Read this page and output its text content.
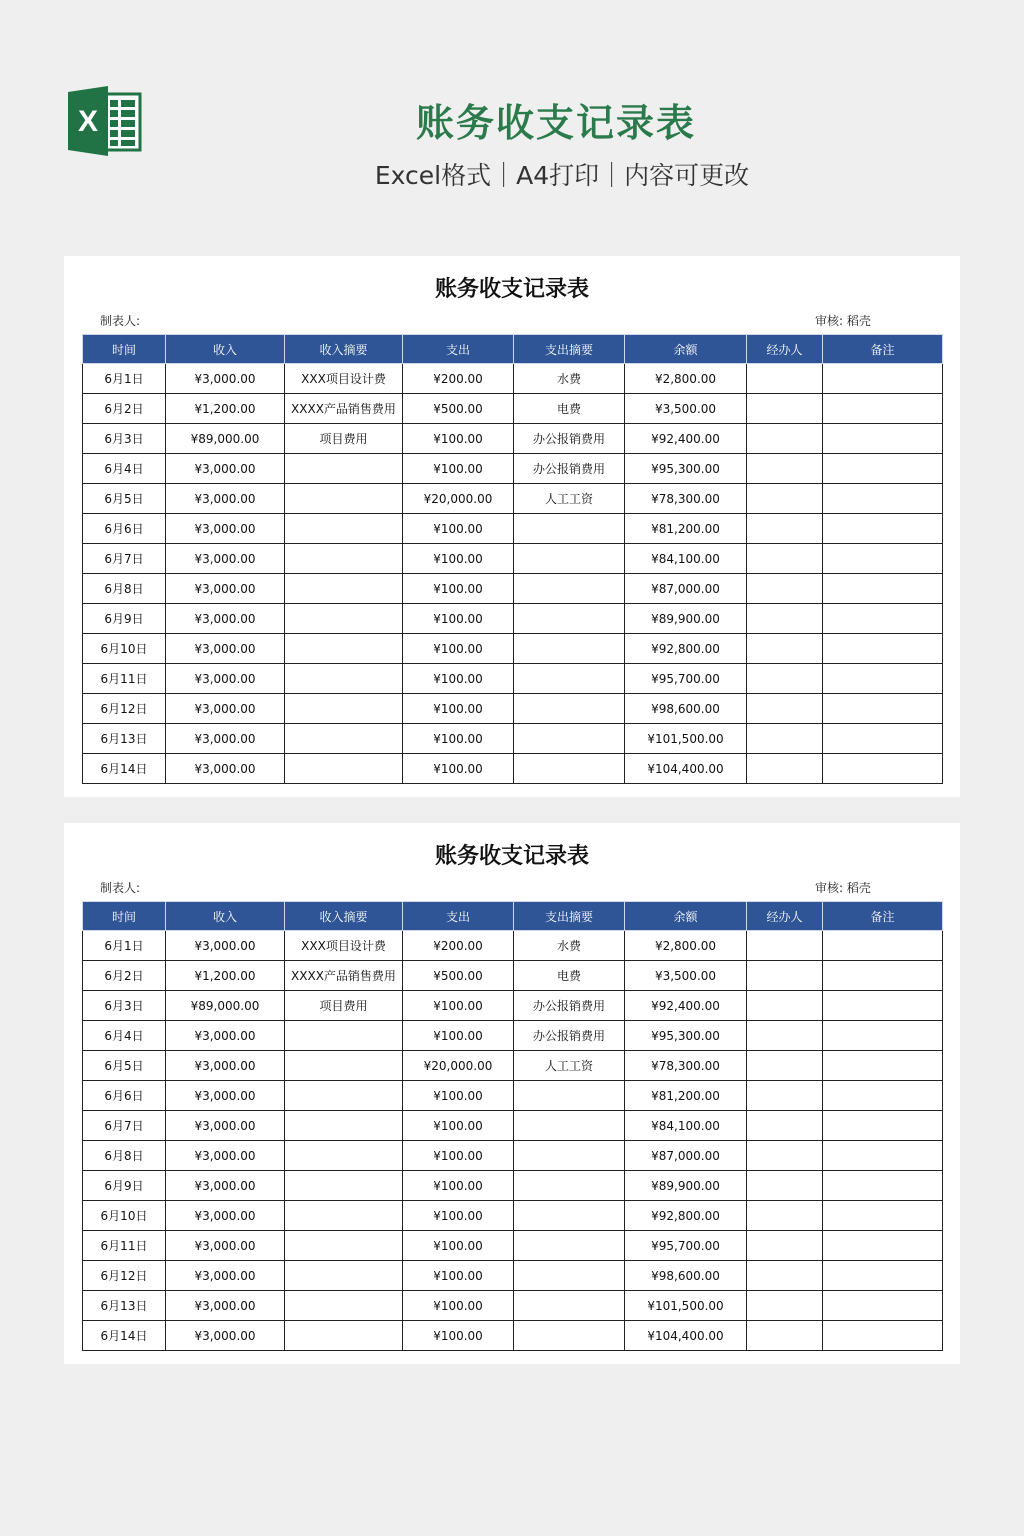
X	账务收支记录表
Excel格式｜A4打印｜内容可更改
账务收支记录表
制表人:	审核: 稻壳
时间	收入	收入摘要	支出	支出摘要	余额	经办人	备注
6月1日	¥3,000.00	XXX项目设计费	¥200.00	水费	¥2,800.00		
6月2日	¥1,200.00	XXXX产品销售费用	¥500.00	电费	¥3,500.00		
6月3日	¥89,000.00	项目费用	¥100.00	办公报销费用	¥92,400.00		
6月4日	¥3,000.00		¥100.00	办公报销费用	¥95,300.00		
6月5日	¥3,000.00		¥20,000.00	人工工资	¥78,300.00		
6月6日	¥3,000.00		¥100.00		¥81,200.00		
6月7日	¥3,000.00		¥100.00		¥84,100.00		
6月8日	¥3,000.00		¥100.00		¥87,000.00		
6月9日	¥3,000.00		¥100.00		¥89,900.00		
6月10日	¥3,000.00		¥100.00		¥92,800.00		
6月11日	¥3,000.00		¥100.00		¥95,700.00		
6月12日	¥3,000.00		¥100.00		¥98,600.00		
6月13日	¥3,000.00		¥100.00		¥101,500.00		
6月14日	¥3,000.00		¥100.00		¥104,400.00		
账务收支记录表
制表人:	审核: 稻壳
时间	收入	收入摘要	支出	支出摘要	余额	经办人	备注
6月1日	¥3,000.00	XXX项目设计费	¥200.00	水费	¥2,800.00		
6月2日	¥1,200.00	XXXX产品销售费用	¥500.00	电费	¥3,500.00		
6月3日	¥89,000.00	项目费用	¥100.00	办公报销费用	¥92,400.00		
6月4日	¥3,000.00		¥100.00	办公报销费用	¥95,300.00		
6月5日	¥3,000.00		¥20,000.00	人工工资	¥78,300.00		
6月6日	¥3,000.00		¥100.00		¥81,200.00		
6月7日	¥3,000.00		¥100.00		¥84,100.00		
6月8日	¥3,000.00		¥100.00		¥87,000.00		
6月9日	¥3,000.00		¥100.00		¥89,900.00		
6月10日	¥3,000.00		¥100.00		¥92,800.00		
6月11日	¥3,000.00		¥100.00		¥95,700.00		
6月12日	¥3,000.00		¥100.00		¥98,600.00		
6月13日	¥3,000.00		¥100.00		¥101,500.00		
6月14日	¥3,000.00		¥100.00		¥104,400.00		
